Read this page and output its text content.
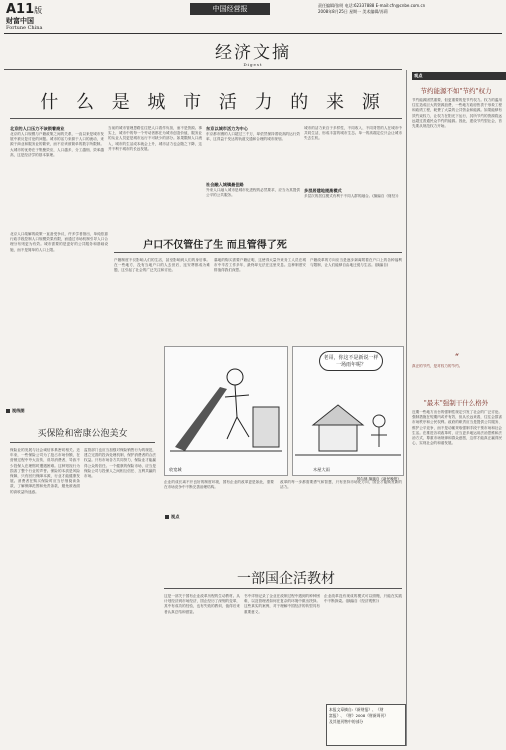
A11版
财富中国
Fortune China
中国经营报	责任编辑/张明 电话:62337888 E-mail:cfn@cnbe.com.cn
2008年8月25日 星期一 美术编辑/苏莉
经济文摘
Digest
什 么 是 城 市 活 力 的 来 源
北京的人口压力不该锁着商业
北京的人口规模与户籍政策之间的关系，一直以来是城市发展中被反复讨论的问题。城市的活力来源于人口的流动，来源于商业和服务业的繁荣，而不应该被简单的数字所限制。大城市的优势在于集聚效应，人口越多，分工越细，效率越高，这是经济学的基本原理。
当前的城市管理思路往往把人口看作负担，而不是资源。事实上，城市中的每一个劳动者都在为城市创造价值，服务业的从业人员更是城市运行不可缺少的部分。如果限制人口流入，城市的生活成本就会上升，城市活力也会随之下降，这并不利于城市的长远发展。
东京以城市活力为中心
东京都市圈的人口超过三千万，却依然保持着较高的运行效率，这得益于发达的轨道交通和合理的城市规划。
社会融入城镇最佳路
外来人口融入城市是城市化进程的必然要求，应当为其提供公平的公共服务。
城市的活力来自于多样性，不同收入、不同背景的人在城市中共同生活，形成丰富的城市生态。单一的高端定位只会让城市失去生机。
多层居建地提高模式
多层次的居住模式有利于不同人群的融合。(摘编自《财经》)
户口不仅管住了生 而且管得了死
户籍制度不仅影响人们的生活，甚至影响到人们的身后事。在一些地方，没有当地户口的人去世后，连安葬都成为难题，这引起了社会的广泛关注和讨论。
墓地的购买需要户籍证明，这使得大量外来务工人员在城市中辛苦工作多年，最终却无法在这里安息。这种制度安排值得我们深思。
户籍改革的方向应当是逐步剥离附着在户口上的各种福利与限制，让人们能够自由地迁徙与生活。(摘编自)
北京人口疏解的政策一直备受争议，许多学者指出，单纯依靠行政手段控制人口规模效果有限，而通过市场机制引导人口合理分布则更为有效。城市需要的是更好的公共服务和基础设施，而不是简单的人口上限。
收宽城
老哥，你这不是新说一样一场雨年呢？
木屋大雨
郭尔律 摘摘自《新民晚报》
视线图
视点
买保险和密康公泡美女
保险业的发展与社会诚信体系密切相关。近年来，一些保险公司为了抢占市场份额，在营销过程中夸大宣传，误导消费者，导致不少投保人在理赔时遭遇困难。这种短视行为损害了整个行业的声誉。保险的本质是风险保障，只有回归保障本源，行业才能健康发展。消费者在购买保险时应当仔细阅读条款，了解保障范围和免责条款，避免被表面的高收益所迷惑。
监管部门也应当加强对保险销售行为的规范，建立完善的投诉处理机制，保护消费者的合法权益。只有市场各方共同努力，保险业才能赢得公众的信任。一个健康的保险市场，应当是保险公司与投保人之间相互信任、互利共赢的市场。
企业的成长离不开良好的制度环境，国有企业的改革更是如此，需要在市场竞争中不断完善治理结构。
改革的每一步都需要勇气和智慧，只有坚持市场化方向，国企才能焕发新的活力。
一部国企活教材
这是一部关于国有企业改革历程的生动教材。从计划经济到市场经济，国企经历了深刻的变革，其中有成功的经验，也有失败的教训，值得后来者认真总结和借鉴。
书中详细记录了企业在改制过程中遇到的种种困难，以及管理者如何在复杂的环境中做出抉择。这些真实的案例，对于理解中国经济的转型具有重要意义。
企业改革没有现成的模式可以照搬，只能在实践中不断探索。(摘编自《经济观察》)
本报文章摘自:《新财报》、《财
富报》、《财》2008《财新周刊》
及其他刊物中的部分
观点
节约能源不如"节约"权力
节约能源固然重要，但更重要的是节约权力。权力的滥用往往造成巨大的资源浪费，一些地方政府热衷于形象工程和政绩工程，耗费了大量的公共资金和能源。如果能够有效约束权力，让权力在阳光下运行，其所节约的资源将远远超过普通民众节约的能源。因此，建设节约型社会，首先要从规范权力开始。
“
真正的节约，是对权力的节约。
"最末"强制干什么格外
近期一些地方出台的强制性规定引发了社会的广泛讨论。强制措施在短期内或许有效，但从长远来看，往往会损害市场秩序和公民权利。政府的职责应当是提供公共服务、维护公平竞争，而不是动辄采取强制手段干预市场和社会生活。在推进各项改革时，应当更多地运用法治思维和法治方式，尊重市场规律和群众意愿，这样才能真正赢得民心，实现社会的和谐发展。
